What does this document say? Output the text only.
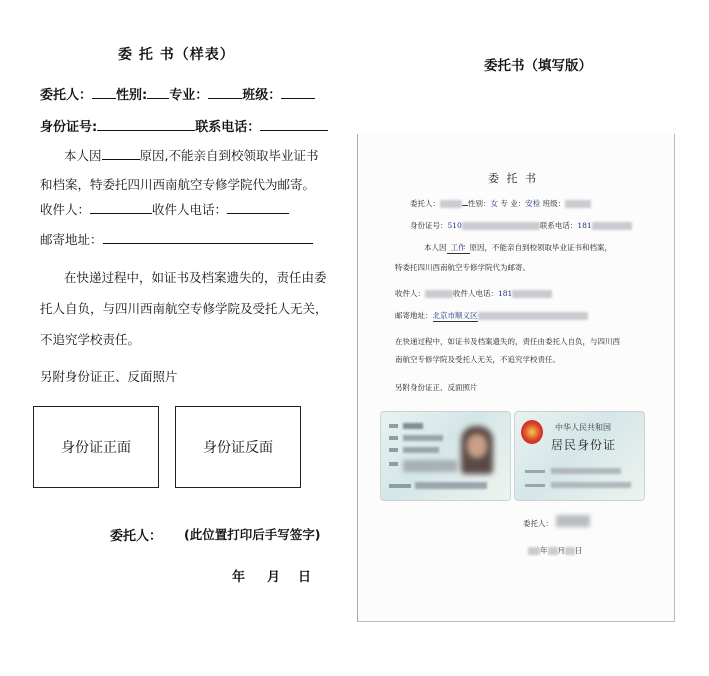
委 托 书（样表）
委托人： 性别: 专业：	班级：
身份证号:	联系电话：
本人因	原因,不能亲自到校领取毕业证书和档案，特委托四川西南航空专修学院代为邮寄。
收件人：	收件人电话：
邮寄地址：
在快递过程中，如证书及档案遗失的，责任由委托人自负，与四川西南航空专修学院及受托人无关，不追究学校责任。
另附身份证正、反面照片
身份证正面	身份证反面
委托人： (此位置打印后手写签字)
年 月 日
委托书（填写版）
委 托 书
委托人：	性别：女 专 业：安检 班级：
身份证号：510	联系电话：181
本人因 工作 原因，不能亲自到校领取毕业证书和档案，
特委托四川西南航空专修学院代为邮寄。
收件人：	收件人电话：181
邮寄地址：北京市顺义区
在快递过程中，如证书及档案遗失的，责任由委托人自负，与四川西
南航空专修学院及受托人无关，不追究学校责任。
另附身份证正、反面照片
中华人民共和国
居民身份证
委托人：
年 月 日
